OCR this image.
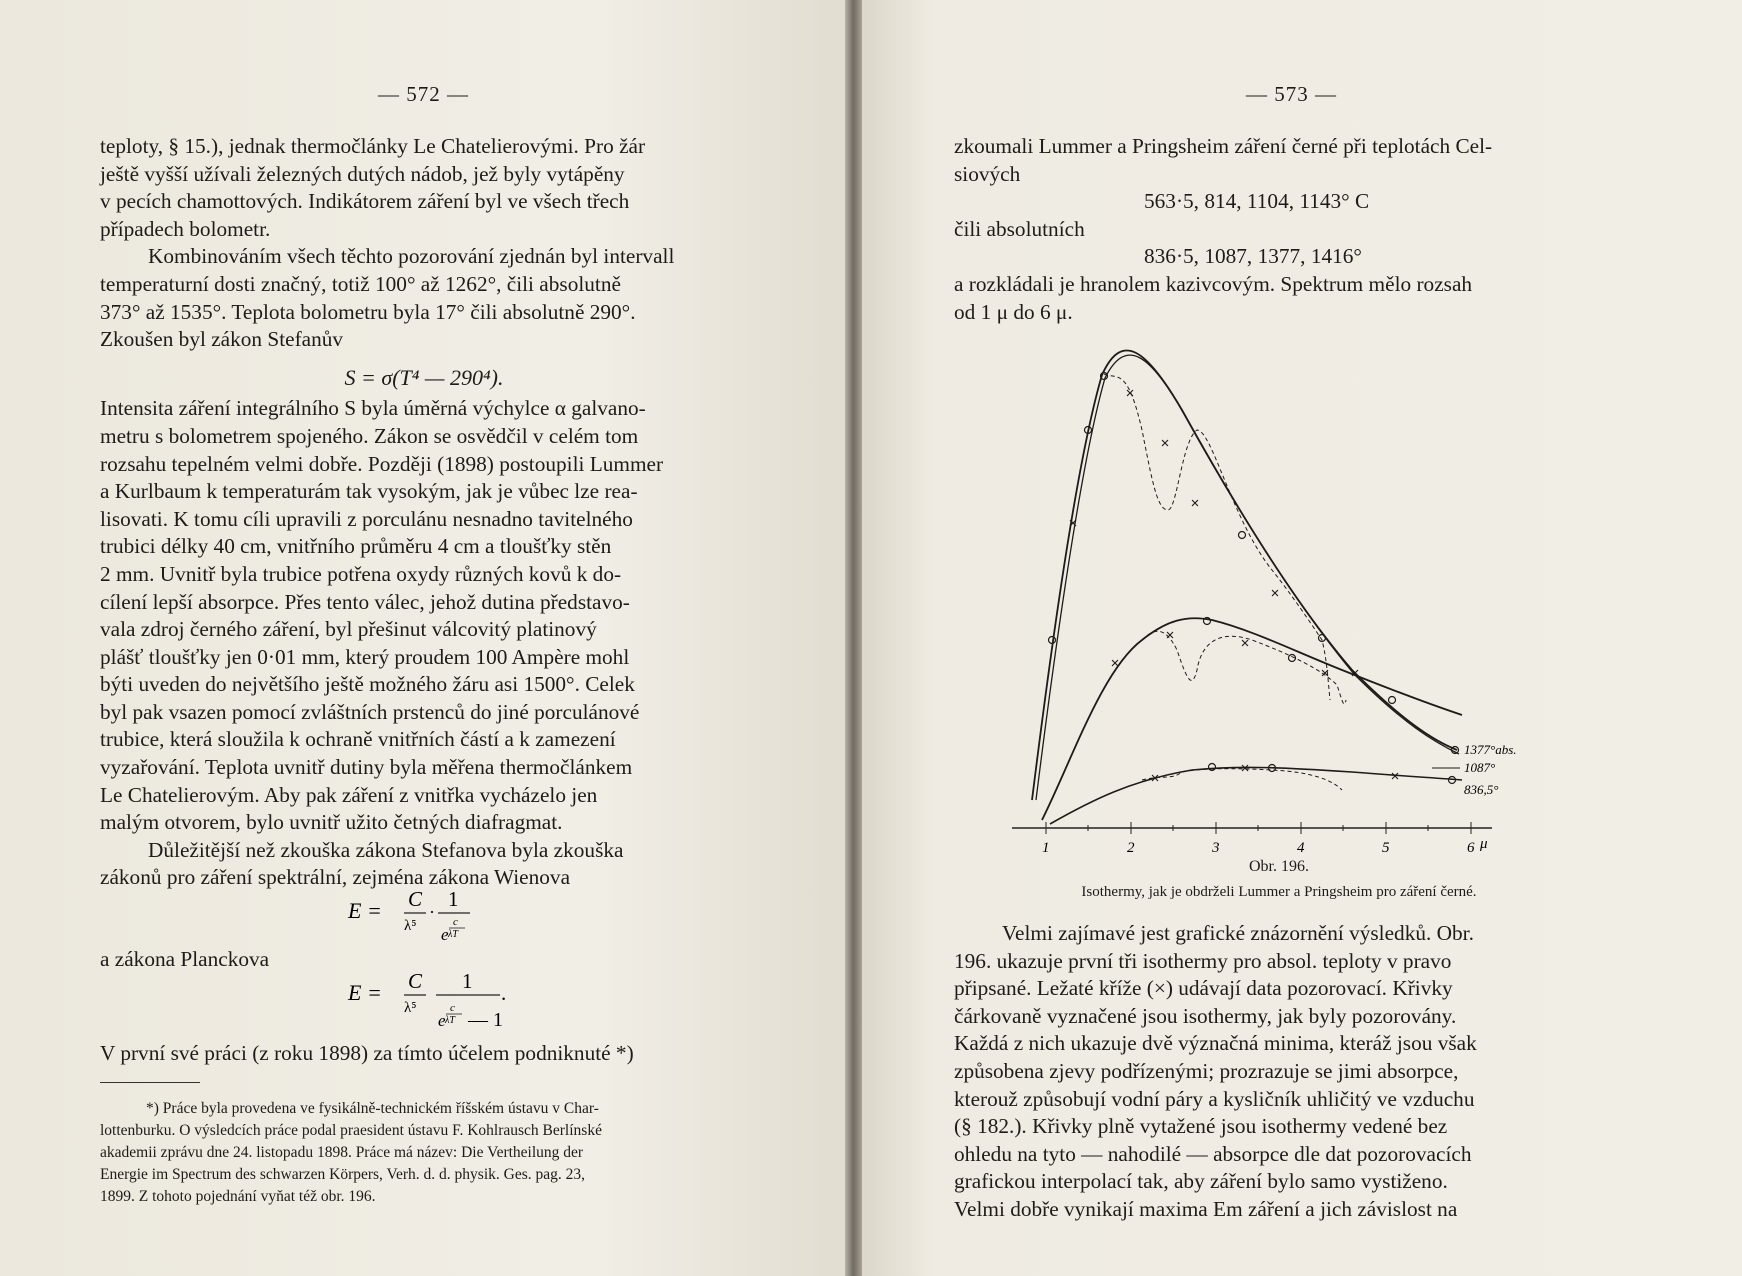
— 572 —

teploty, § 15.), jednak thermočlánky Le Chatelierovými. Pro žár

ještě vyšší užívali železných dutých nádob, jež byly vytápěny

v pecích chamottových. Indikátorem záření byl ve všech třech

případech bolometr.

Kombinováním všech těchto pozorování zjednán byl intervall

temperaturní dosti značný, totiž 100° až 1262°, čili absolutně

373° až 1535°. Teplota bolometru byla 17° čili absolutně 290°.

Zkoušen byl zákon Stefanův

S = σ(T⁴ — 290⁴).

Intensita záření integrálního S byla úměrná výchylce α galvano-

metru s bolometrem spojeného. Zákon se osvědčil v celém tom

rozsahu tepelném velmi dobře. Později (1898) postoupili Lummer

a Kurlbaum k temperaturám tak vysokým, jak je vůbec lze rea-

lisovati. K tomu cíli upravili z porculánu nesnadno tavitelného

trubici délky 40 cm, vnitřního průměru 4 cm a tloušťky stěn

2 mm. Uvnitř byla trubice potřena oxydy různých kovů k do-

cílení lepší absorpce. Přes tento válec, jehož dutina představo-

vala zdroj černého záření, byl přešinut válcovitý platinový

plášť tloušťky jen 0·01 mm, který proudem 100 Ampère mohl

býti uveden do největšího ještě možného žáru asi 1500°. Celek

byl pak vsazen pomocí zvláštních prstenců do jiné porculánové

trubice, která sloužila k ochraně vnitřních částí a k zamezení

vyzařování. Teplota uvnitř dutiny byla měřena thermočlánkem

Le Chatelierovým. Aby pak záření z vnitřka vycházelo jen

malým otvorem, bylo uvnitř užito četných diafragmat.

Důležitější než zkouška zákona Stefanova byla zkouška

zákonů pro záření spektrální, zejména zákona Wienova

E = C
λ⁵
·
1
e
c
λT

a zákona Planckova

E = C
λ⁵
1 .
e
c
λT — 1

V první své práci (z roku 1898) za tímto účelem podniknuté *)

*) Práce byla provedena ve fysikálně-technickém říšském ústavu v Char-
lottenburku. O výsledcích práce podal praesident ústavu F. Kohlrausch Berlínské
akademii zprávu dne 24. listopadu 1898. Práce má název: Die Vertheilung der
Energie im Spectrum des schwarzen Körpers, Verh. d. d. physik. Ges. pag. 23,
1899. Z tohoto pojednání vyňat též obr. 196.
— 573 —

zkoumali Lummer a Pringsheim záření černé při teplotách Cel-

siových

563·5, 814, 1104, 1143° C

čili absolutních

836·5, 1087, 1377, 1416°

a rozkládali je hranolem kazivcovým. Spektrum mělo rozsah

od 1 μ do 6 μ.

1	2	3	4	5	6 μ
1377°abs.
1087°
836,5°
Obr. 196.
Isothermy, jak je obdrželi Lummer a Pringsheim pro záření černé.

Velmi zajímavé jest grafické znázornění výsledků. Obr.

196. ukazuje první tři isothermy pro absol. teploty v pravo

připsané. Ležaté kříže (×) udávají data pozorovací. Křivky

čárkovaně vyznačené jsou isothermy, jak byly pozorovány.

Každá z nich ukazuje dvě význačná minima, kteráž jsou však

způsobena zjevy podřízenými; prozrazuje se jimi absorpce,

kterouž způsobují vodní páry a kysličník uhličitý ve vzduchu

(§ 182.). Křivky plně vytažené jsou isothermy vedené bez

ohledu na tyto — nahodilé — absorpce dle dat pozorovacích

grafickou interpolací tak, aby záření bylo samo vystiženo.

Velmi dobře vynikají maxima Em záření a jich závislost na
